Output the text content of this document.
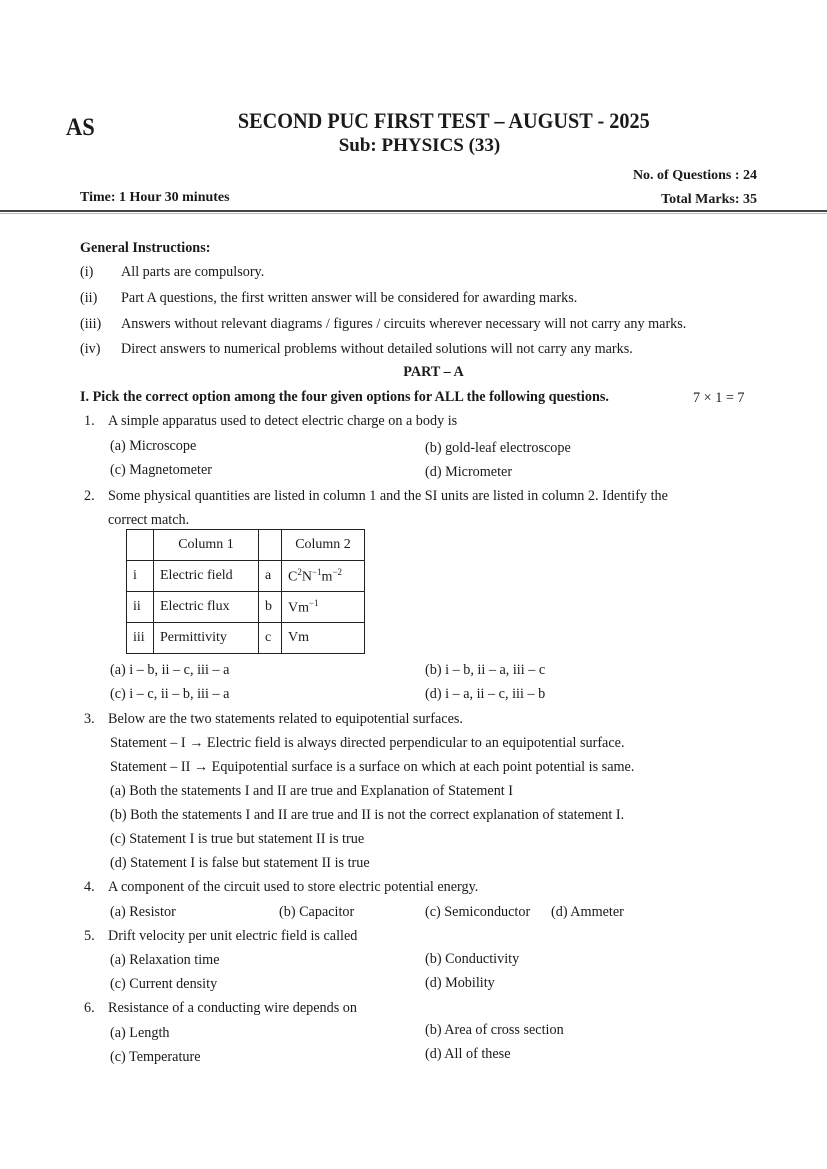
AS	SECOND PUC FIRST TEST – AUGUST - 2025
Sub: PHYSICS (33)
No. of Questions : 24
Time: 1 Hour 30 minutes	Total Marks: 35
General Instructions:
(i) All parts are compulsory.
(ii) Part A questions, the first written answer will be considered for awarding marks.
(iii) Answers without relevant diagrams / figures / circuits wherever necessary will not carry any marks.
(iv) Direct answers to numerical problems without detailed solutions will not carry any marks.
PART – A
I. Pick the correct option among the four given options for ALL the following questions.	7 × 1 = 7
1. A simple apparatus used to detect electric charge on a body is
(a) Microscope	(b) gold-leaf electroscope
(c) Magnetometer	(d) Micrometer
2. Some physical quantities are listed in column 1 and the SI units are listed in column 2. Identify the
correct match.
	Column 1		Column 2
i	Electric field	a	$C^2N^{-1}m^{-2}$
ii	Electric flux	b	$Vm^{-1}$
iii	Permittivity	c	Vm
(a) i – b, ii – c, iii – a	(b) i – b, ii – a, iii – c
(c) i – c, ii – b, iii – a	(d) i – a, ii – c, iii – b
3. Below are the two statements related to equipotential surfaces.
Statement – I → Electric field is always directed perpendicular to an equipotential surface.
Statement – II → Equipotential surface is a surface on which at each point potential is same.
(a) Both the statements I and II are true and Explanation of Statement I
(b) Both the statements I and II are true and II is not the correct explanation of statement I.
(c) Statement I is true but statement II is true
(d) Statement I is false but statement II is true
4. A component of the circuit used to store electric potential energy.
(a) Resistor	(b) Capacitor	(c) Semiconductor (d) Ammeter
5. Drift velocity per unit electric field is called
(a) Relaxation time	(b) Conductivity
(c) Current density	(d) Mobility
6. Resistance of a conducting wire depends on
(a) Length	(b) Area of cross section
(c) Temperature	(d) All of these
